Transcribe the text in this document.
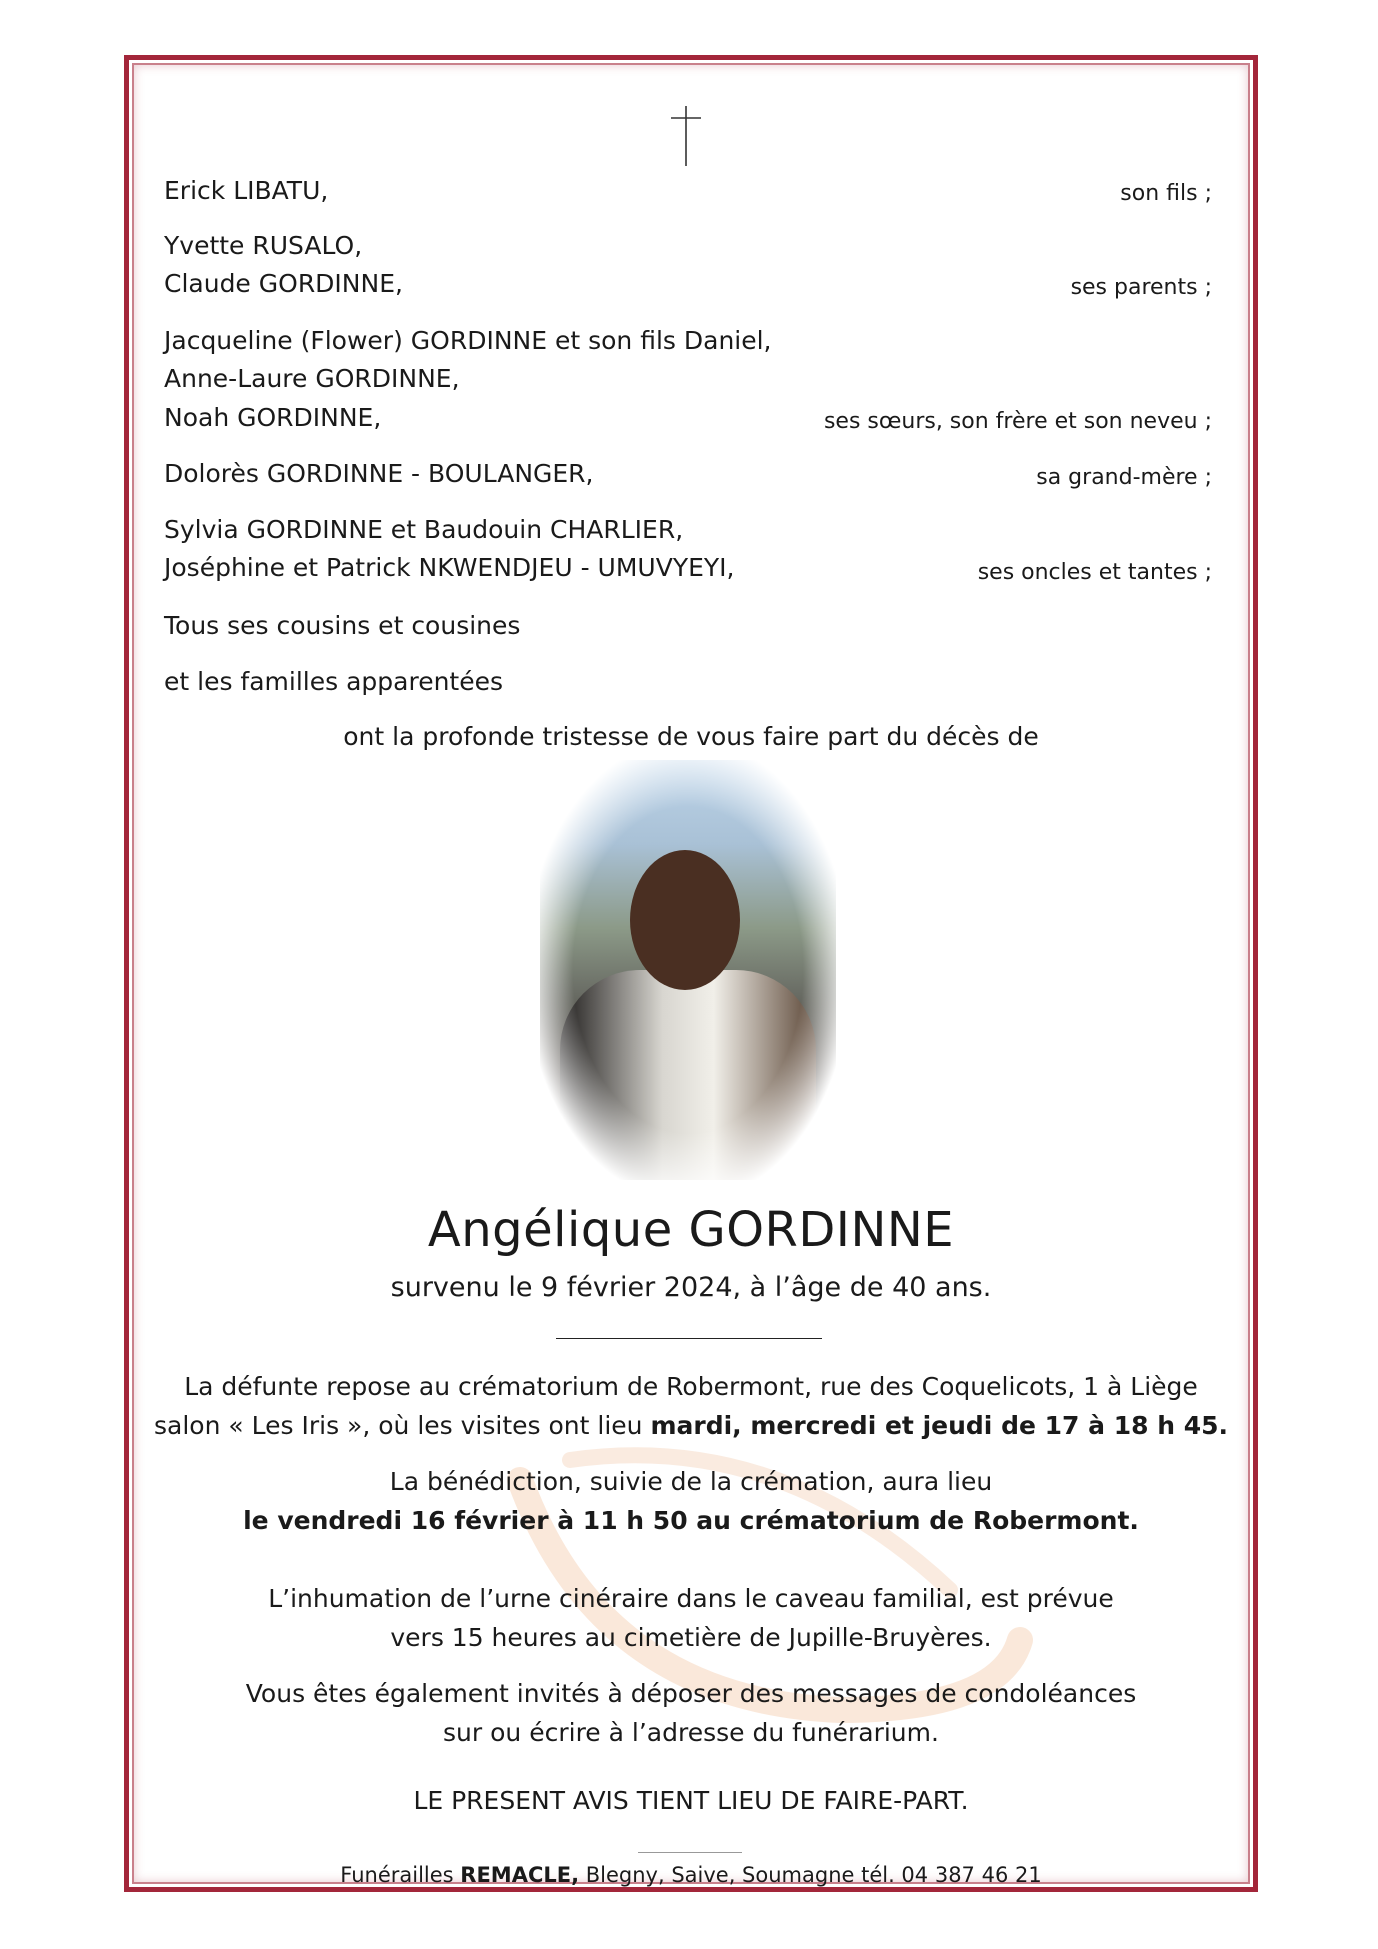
Erick LIBATU,	son fils ;
Yvette RUSALO,
Claude GORDINNE,	ses parents ;
Jacqueline (Flower) GORDINNE et son fils Daniel,
Anne-Laure GORDINNE,
Noah GORDINNE,	ses sœurs, son frère et son neveu ;
Dolorès GORDINNE - BOULANGER,	sa grand-mère ;
Sylvia GORDINNE et Baudouin CHARLIER,
Joséphine et Patrick NKWENDJEU - UMUVYEYI,	ses oncles et tantes ;
Tous ses cousins et cousines
et les familles apparentées
ont la profonde tristesse de vous faire part du décès de
Angélique GORDINNE
survenu le 9 février 2024, à l’âge de 40 ans.
La défunte repose au crématorium de Robermont, rue des Coquelicots, 1 à Liège
salon « Les Iris », où les visites ont lieu mardi, mercredi et jeudi de 17 à 18 h 45.
La bénédiction, suivie de la crémation, aura lieu
le vendredi 16 février à 11 h 50 au crématorium de Robermont.
L’inhumation de l’urne cinéraire dans le caveau familial, est prévue
vers 15 heures au cimetière de Jupille-Bruyères.
Vous êtes également invités à déposer des messages de condoléances
sur ou écrire à l’adresse du funérarium.
LE PRESENT AVIS TIENT LIEU DE FAIRE-PART.
Funérailles REMACLE, Blegny, Saive, Soumagne tél. 04 387 46 21
